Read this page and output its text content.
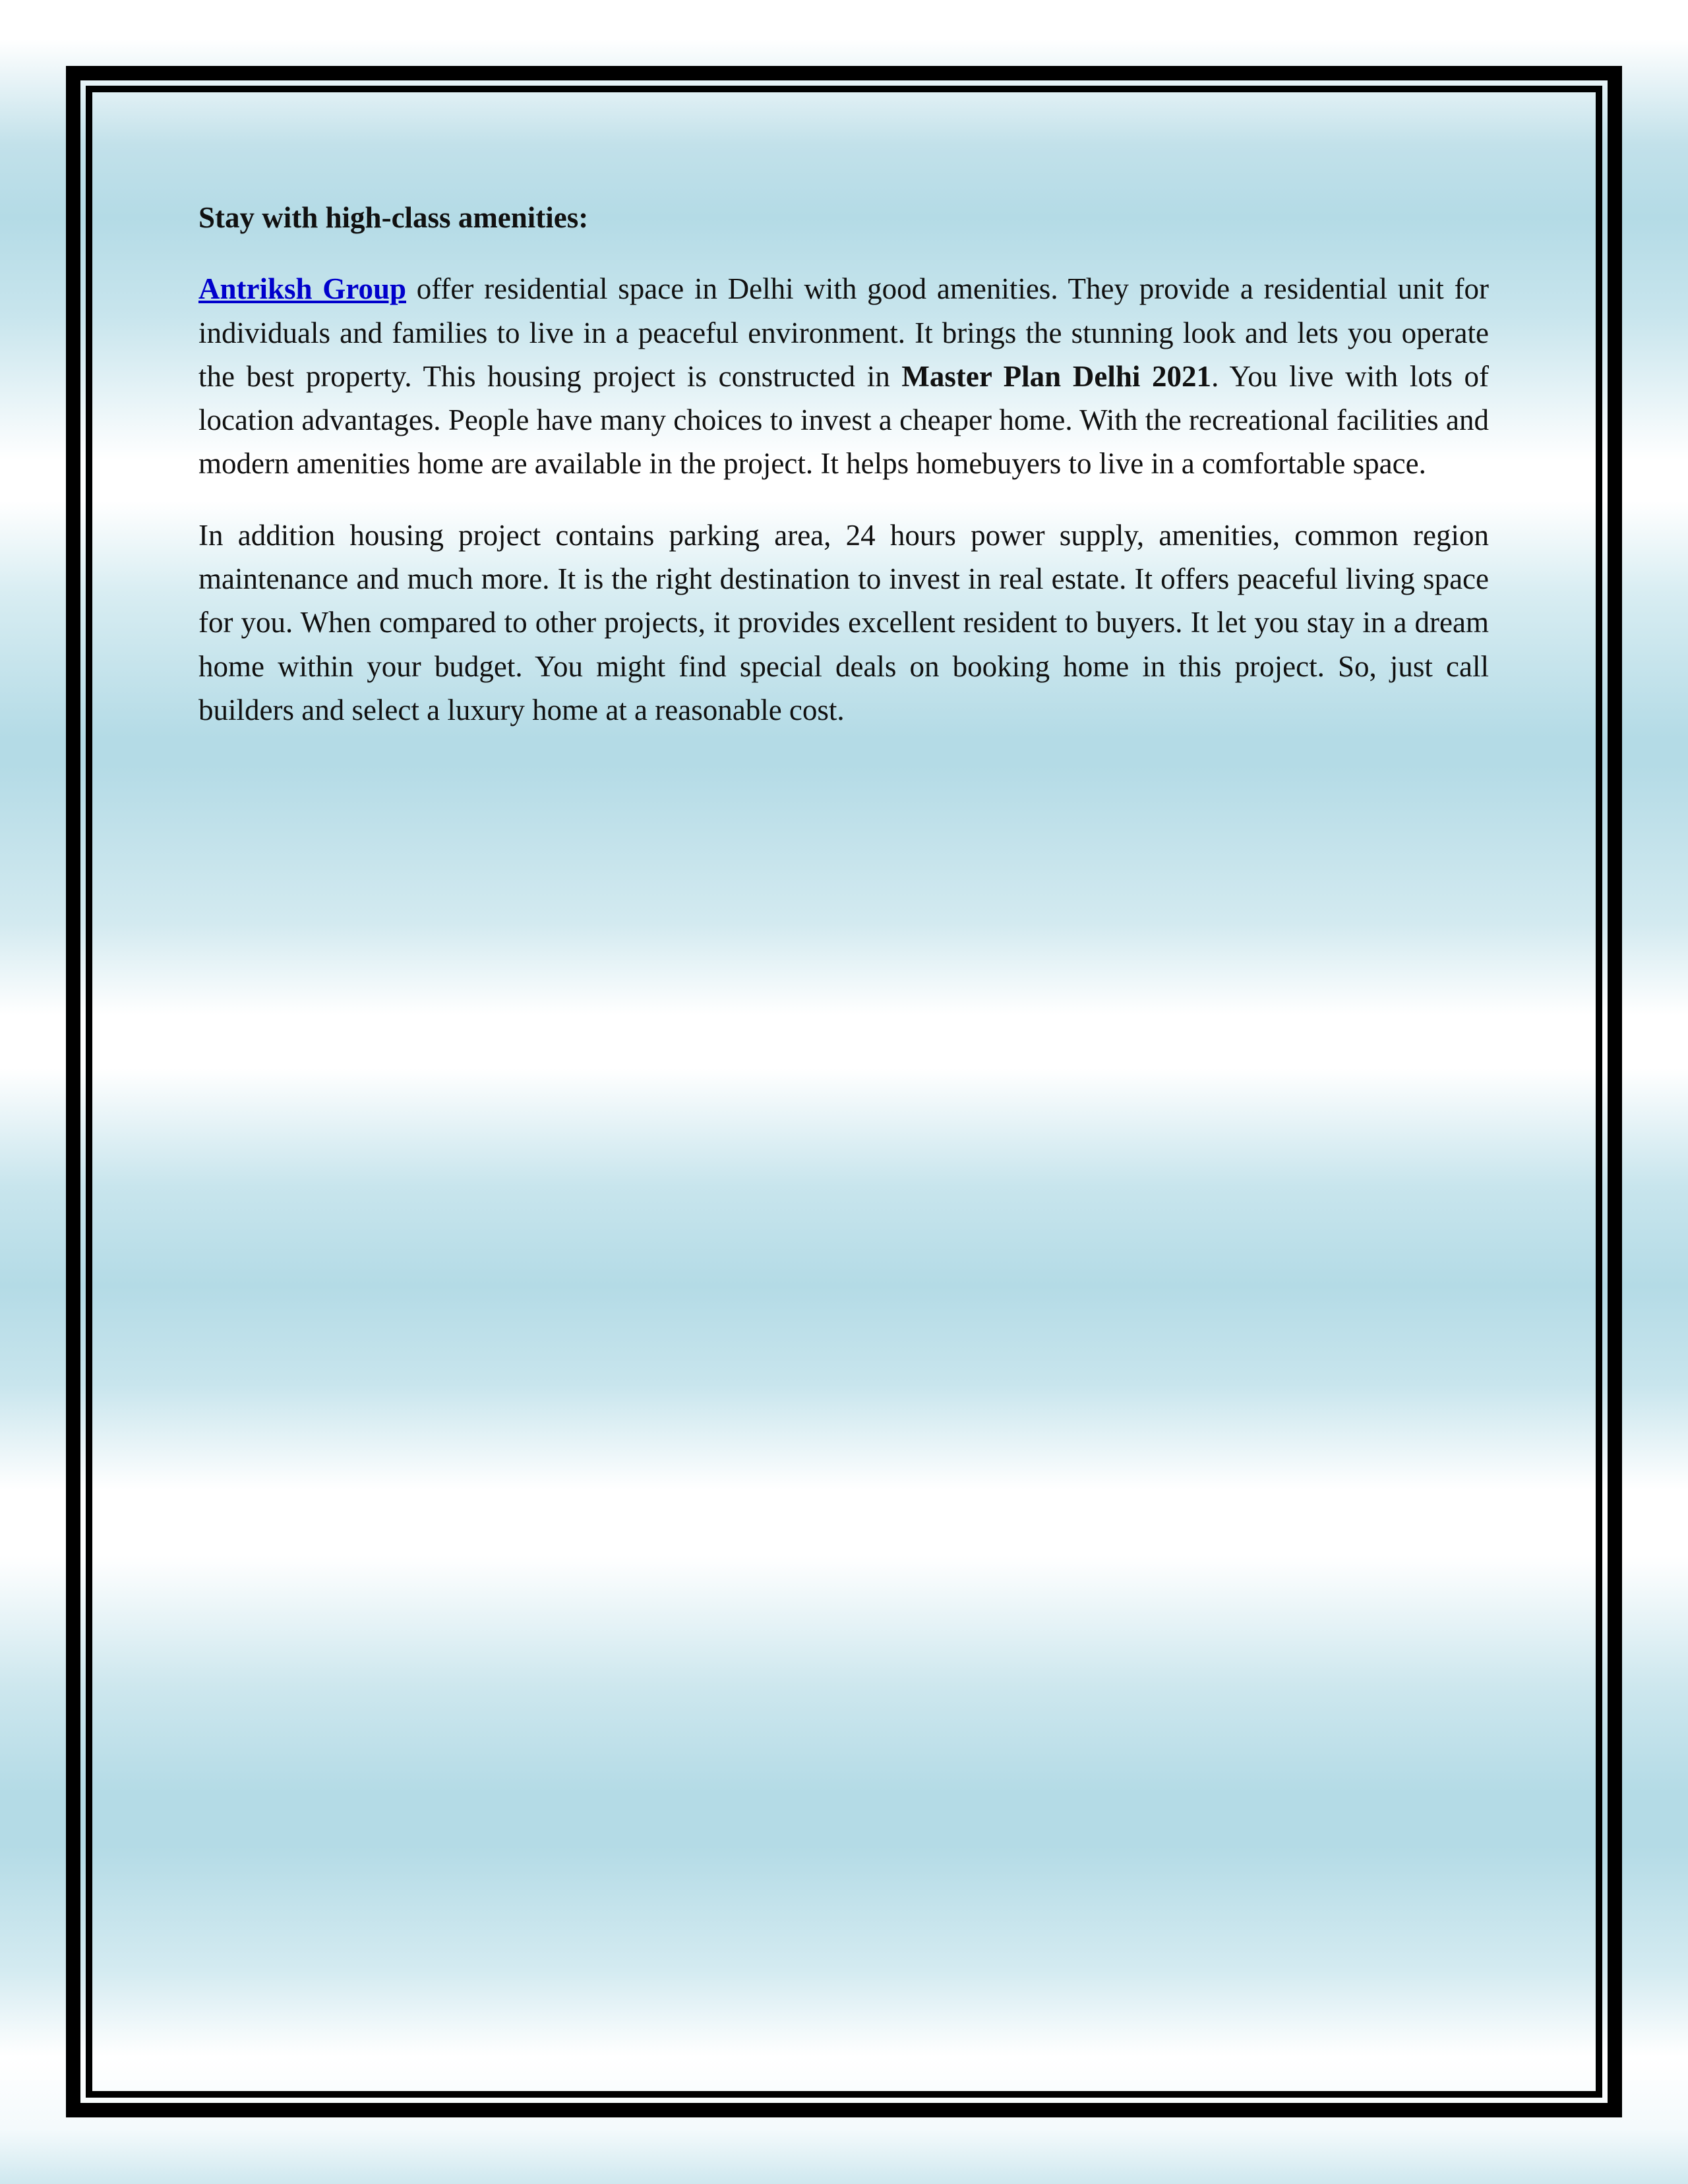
Stay with high-class amenities:

Antriksh Group offer residential space in Delhi with good amenities. They provide a residential unit for individuals and families to live in a peaceful environment. It brings the stunning look and lets you operate the best property. This housing project is constructed in Master Plan Delhi 2021. You live with lots of location advantages. People have many choices to invest a cheaper home. With the recreational facilities and modern amenities home are available in the project. It helps homebuyers to live in a comfortable space.

In addition housing project contains parking area, 24 hours power supply, amenities, common region maintenance and much more. It is the right destination to invest in real estate. It offers peaceful living space for you. When compared to other projects, it provides excellent resident to buyers. It let you stay in a dream home within your budget. You might find special deals on booking home in this project. So, just call builders and select a luxury home at a reasonable cost.
